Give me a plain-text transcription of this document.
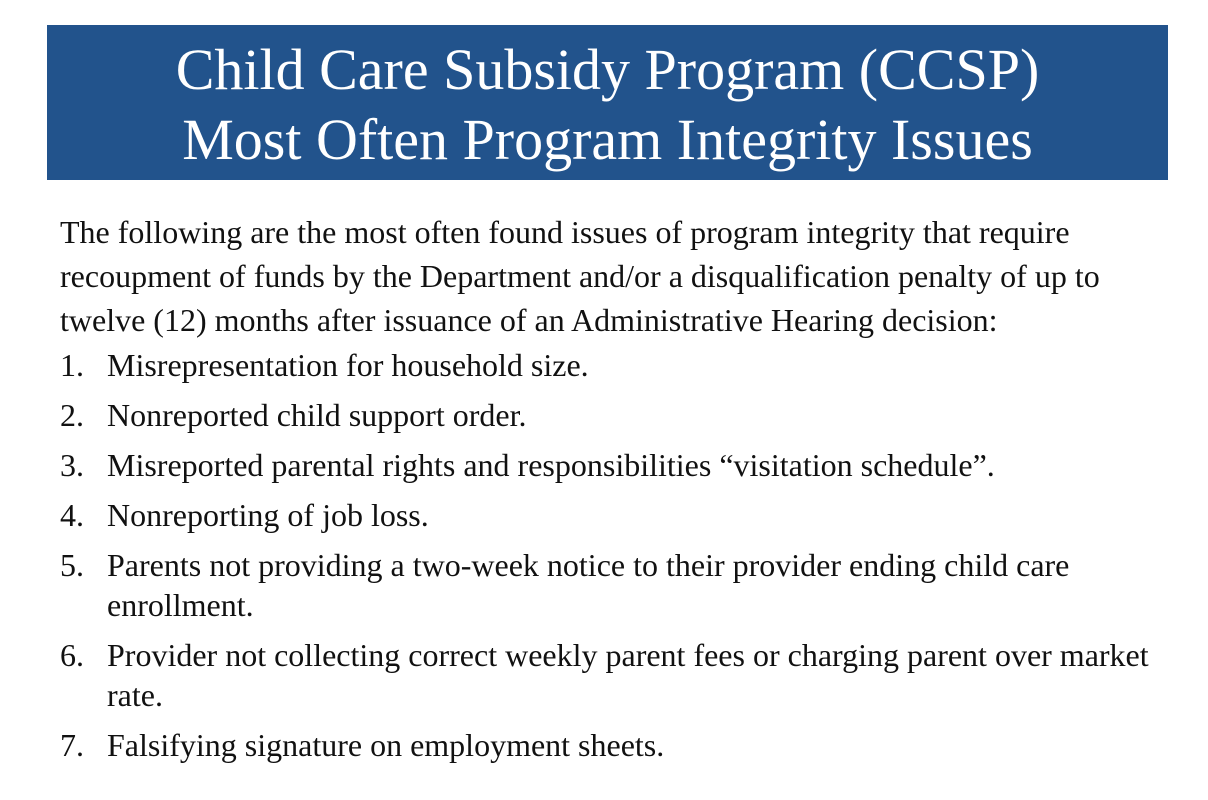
Child Care Subsidy Program (CCSP)
Most Often Program Integrity Issues

The following are the most often found issues of program integrity that require recoupment of funds by the Department and/or a disqualification penalty of up to twelve (12) months after issuance of an Administrative Hearing decision:

1. Misrepresentation for household size.
2. Nonreported child support order.
3. Misreported parental rights and responsibilities “visitation schedule”.
4. Nonreporting of job loss.
5. Parents not providing a two-week notice to their provider ending child care enrollment.
6. Provider not collecting correct weekly parent fees or charging parent over market rate.
7. Falsifying signature on employment sheets.
